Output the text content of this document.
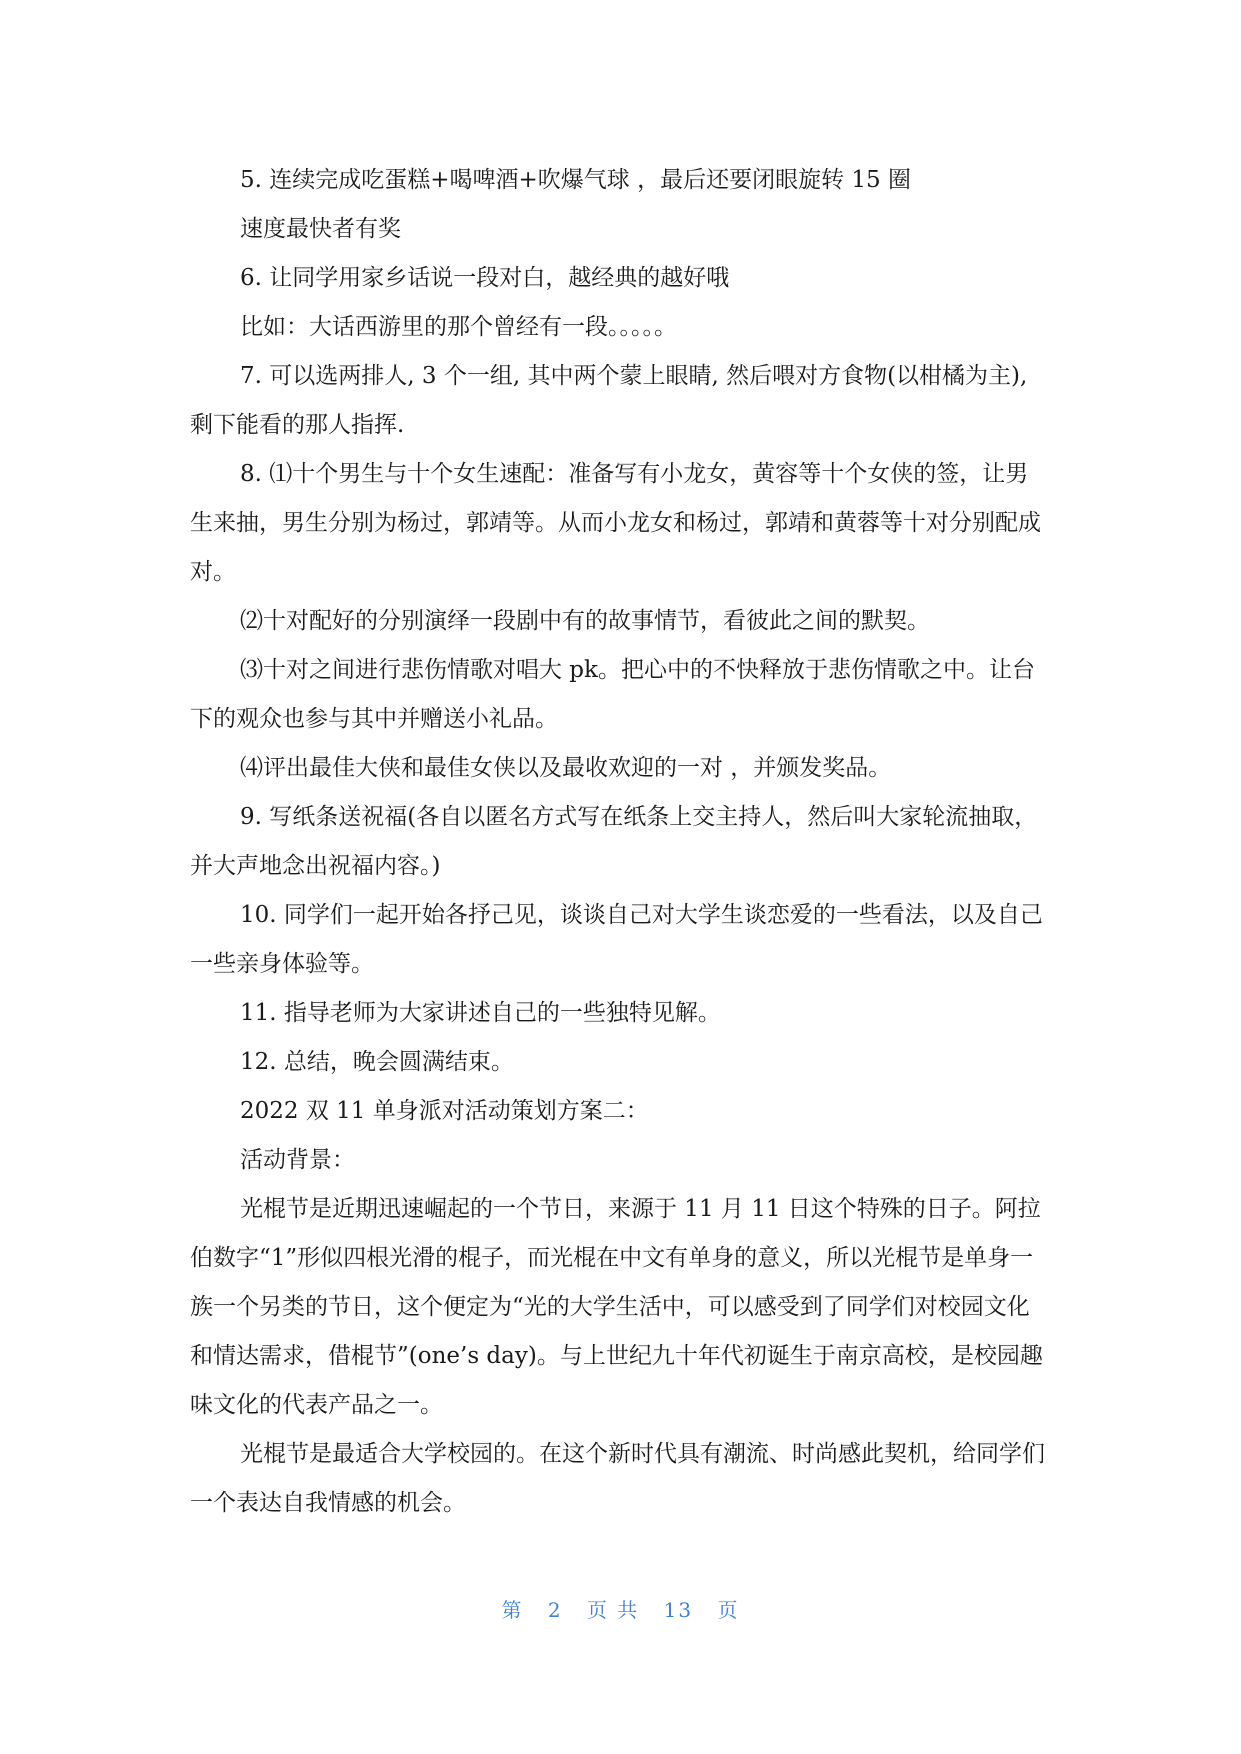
5. 连续完成吃蛋糕+喝啤酒+吹爆气球 ，最后还要闭眼旋转 15 圈

速度最快者有奖

6. 让同学用家乡话说一段对白，越经典的越好哦

比如：大话西游里的那个曾经有一段。。。。。

7. 可以选两排人, 3 个一组, 其中两个蒙上眼睛, 然后喂对方食物(以柑橘为主), 剩下能看的那人指挥.

8. ⑴十个男生与十个女生速配：准备写有小龙女，黄容等十个女侠的签，让男生来抽，男生分别为杨过，郭靖等。从而小龙女和杨过，郭靖和黄蓉等十对分别配成对。

⑵十对配好的分别演绎一段剧中有的故事情节，看彼此之间的默契。

⑶十对之间进行悲伤情歌对唱大 pk。把心中的不快释放于悲伤情歌之中。让台下的观众也参与其中并赠送小礼品。

⑷评出最佳大侠和最佳女侠以及最收欢迎的一对 ，并颁发奖品。

9. 写纸条送祝福(各自以匿名方式写在纸条上交主持人，然后叫大家轮流抽取，并大声地念出祝福内容。)

10. 同学们一起开始各抒己见，谈谈自己对大学生谈恋爱的一些看法，以及自己一些亲身体验等。

11. 指导老师为大家讲述自己的一些独特见解。

12. 总结，晚会圆满结束。

2022 双 11 单身派对活动策划方案二：

活动背景：

光棍节是近期迅速崛起的一个节日，来源于 11 月 11 日这个特殊的日子。阿拉伯数字“1”形似四根光滑的棍子，而光棍在中文有单身的意义，所以光棍节是单身一族一个另类的节日，这个便定为“光的大学生活中，可以感受到了同学们对校园文化和情达需求，借棍节”(one’s day)。与上世纪九十年代初诞生于南京高校，是校园趣味文化的代表产品之一。

光棍节是最适合大学校园的。在这个新时代具有潮流、时尚感此契机，给同学们一个表达自我情感的机会。

第 2 页 共 13 页
